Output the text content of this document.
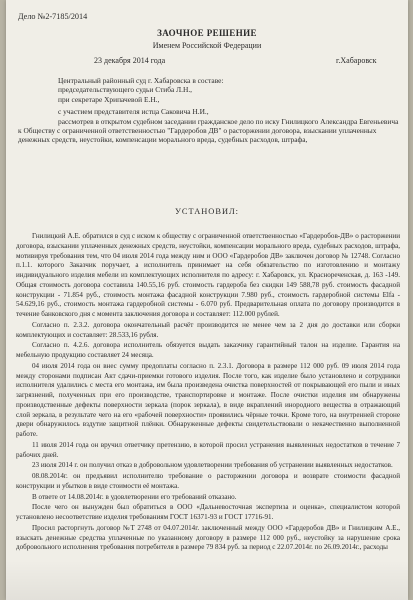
Дело №2-7185/2014
ЗАОЧНОЕ РЕШЕНИЕ
Именем Российской Федерации
23 декабря 2014 года	г.Хабаровск

Центральный районный суд г. Хабаровска в составе:

председательствующего судьи Стиба Л.Н.,

при секретаре Хрипачевой Е.Н.,

с участием представителя истца Саковича Н.И.,

рассмотрев в открытом судебном заседании гражданское дело по иску Гнилицкого Александра Евгеньевича к Обществу с ограниченной ответственностью "Гардеробов ДВ" о расторжении договора, взыскании уплаченных денежных средств, неустойки, компенсации морального вреда, судебных расходов, штрафа,

УСТАНОВИЛ:

Гнилицкий А.Е. обратился в суд с иском к обществу с ограниченной ответственностью «Гардеробов-ДВ» о расторжении договора, взыскании уплаченных денежных средств, неустойки, компенсации морального вреда, судебных расходов, штрафа, мотивируя требования тем, что 04 июля 2014 года между ним и ООО «Гардеробов ДВ» заключен договор № 12748. Согласно п.1.1. которого Заказчик поручает, а исполнитель принимает на себя обязательство по изготовлению и монтажу индивидуального изделия мебели из комплектующих исполнителя по адресу: г. Хабаровск, ул. Краснореченская, д. 163 -149. Общая стоимость договора составила 140.55,16 руб. стоимость гардероба без скидки 149 588,78 руб. стоимость фасадной конструкции - 71.854 руб., стоимость монтажа фасадной конструкции 7.980 руб., стоимость гардеробной системы Elfa - 54.629,16 руб., стоимость монтажа гардеробной системы - 6.070 руб. Предварительная оплата по договору производится в течение банковского дня с момента заключения договора и составляет: 112.000 рублей.

Согласно п. 2.3.2. договора окончательный расчёт производится не менее чем за 2 дня до доставки или сборки комплектующих и составляет: 28.533,16 рубля.

Согласно п. 4.2.6. договора исполнитель обязуется выдать заказчику гарантийный талон на изделие. Гарантия на мебельную продукцию составляет 24 месяца.

04 июля 2014 года он внес сумму предоплаты согласно п. 2.3.1. Договора в размере 112 000 руб. 09 июля 2014 года между сторонами подписан Акт сдачи-приемки готового изделия. После того, как изделие было установлено и сотрудники исполнителя удалились с места его монтажа, им была произведена очистка поверхностей от покрывающей его пыли и иных загрязнений, полученных при его производстве, транспортировке и монтаже. После очистки изделия им обнаружены производственные дефекты поверхности зеркала (порок зеркала), в виде вкраплений инородного вещества в отражающий слой зеркала, в результате чего на его «рабочей поверхности» проявились чёрные точки. Кроме того, на внутренней стороне двери обнаружилось вздутие защитной плёнки. Обнаруженные дефекты свидетельствовали о некачественно выполненной работе.

11 июля 2014 года он вручил ответчику претензию, в которой просил устранения выявленных недостатков в течение 7 рабочих дней.

23 июля 2014 г. он получил отказ в добровольном удовлетворении требования об устранении выявленных недостатков.

08.08.2014г. он предъявил исполнителю требование о расторжении договора и возврате стоимости фасадной конструкции и убытков в виде стоимости её монтажа.

В ответе от 14.08.2014г. в удовлетворении его требований отказано.

После чего он вынужден был обратиться в ООО «Дальневосточная экспертиза и оценка», специалистом которой установлено несоответствие изделия требованиям ГОСТ 16371-93 и ГОСТ 17716-91.

Просил расторгнуть договор №Т 2748 от 04.07.2014г. заключенный между ООО «Гардеробов ДВ» и Гнилицким А.Е., взыскать денежные средства уплаченные по указанному договору в размере 112 000 руб., неустойку за нарушение срока добровольного исполнения требования потребителя в размере 79 834 руб. за период с 22.07.2014г. по 26.09.2014г., расходы
